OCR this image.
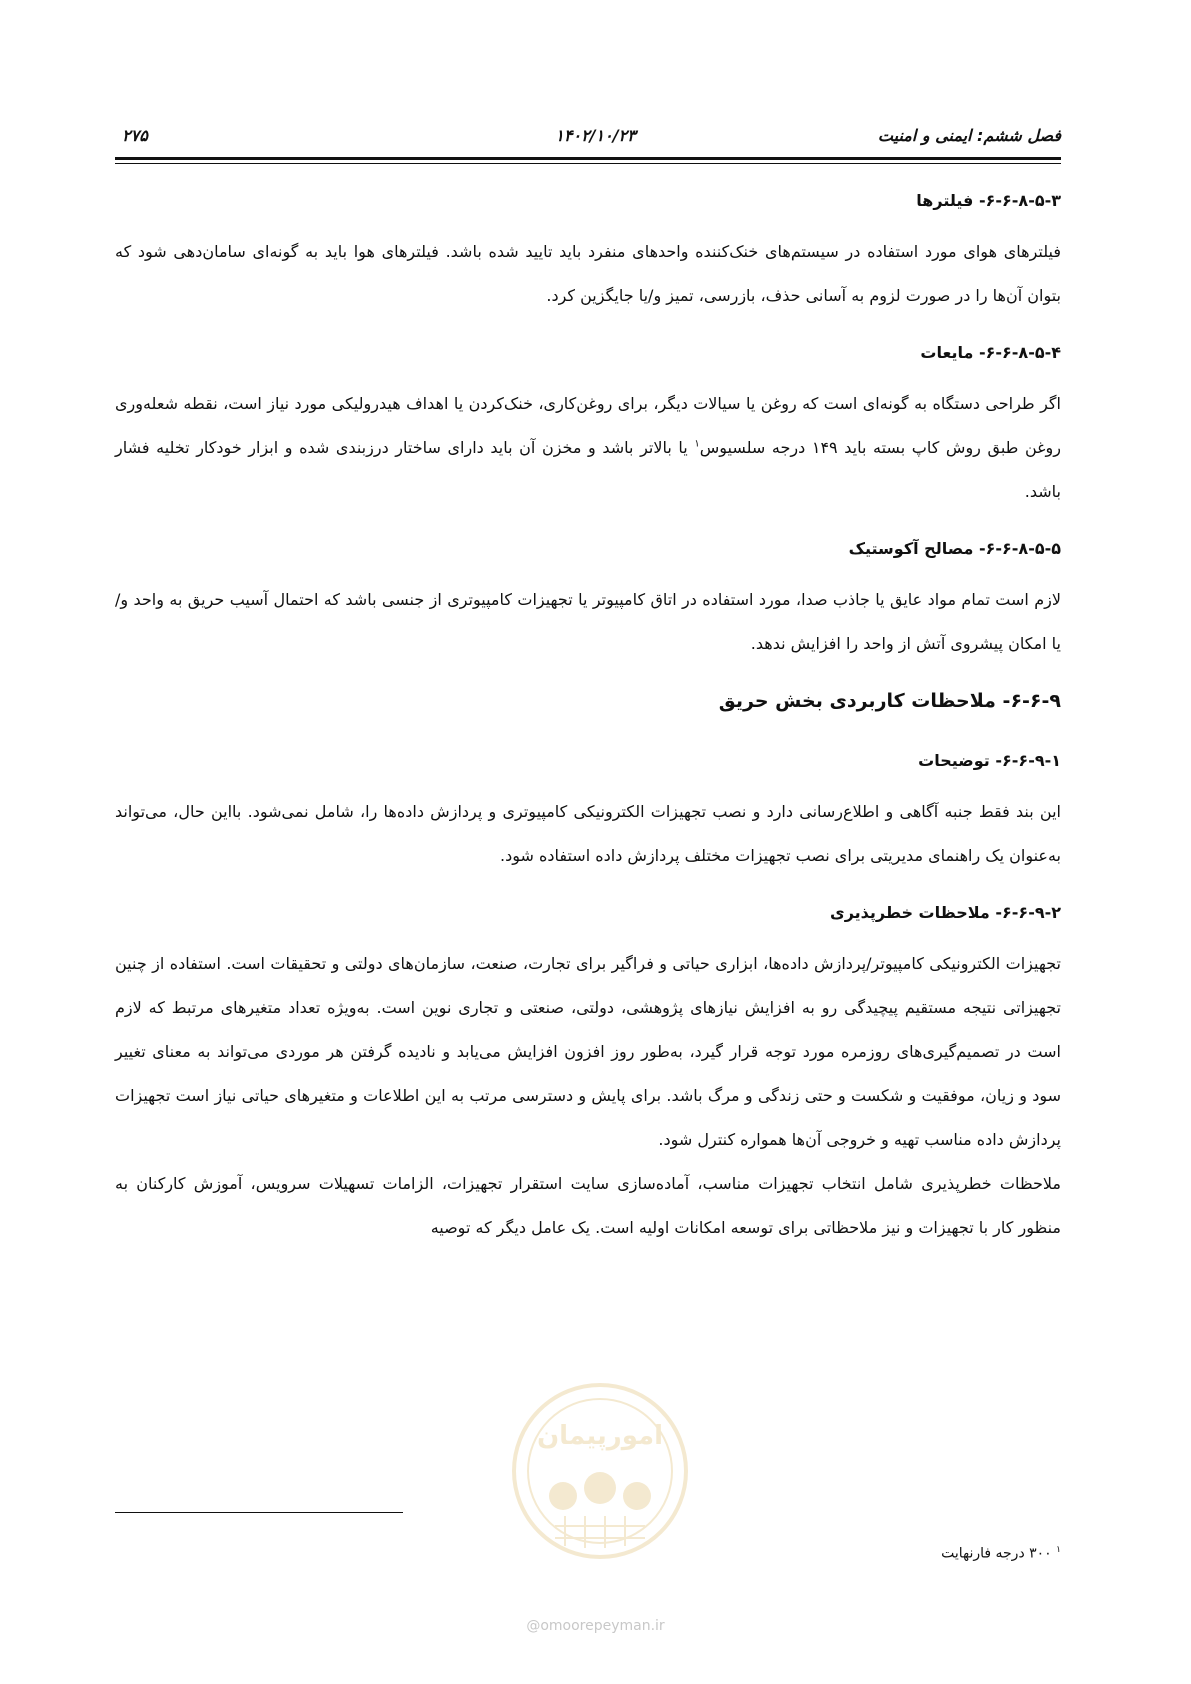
فصل ششم: ایمنی و امنیت
۱۴۰۲/۱۰/۲۳
۲۷۵
۶-۶-۸-۵-۳- فیلترها

فیلترهای هوای مورد استفاده در سیستم‌های خنک‌کننده واحدهای منفرد باید تایید شده باشد. فیلترهای هوا باید به گونه‌ای سامان‌دهی شود که بتوان آن‌ها را در صورت لزوم به آسانی حذف، بازرسی، تمیز و/یا جایگزین کرد.

۶-۶-۸-۵-۴- مایعات

اگر طراحی دستگاه به گونه‌ای است که روغن یا سیالات دیگر، برای روغن‌کاری، خنک‌کردن یا اهداف هیدرولیکی مورد نیاز است، نقطه شعله‌وری روغن طبق روش کاپ بسته باید ۱۴۹ درجه سلسیوس$^۱$ یا بالاتر باشد و مخزن آن باید دارای ساختار درزبندی شده و ابزار خودکار تخلیه فشار باشد.

۶-۶-۸-۵-۵- مصالح آکوستیک

لازم است تمام مواد عایق یا جاذب صدا، مورد استفاده در اتاق کامپیوتر یا تجهیزات کامپیوتری از جنسی باشد که احتمال آسیب حریق به واحد و/یا امکان پیشروی آتش از واحد را افزایش ندهد.

۶-۶-۹- ملاحظات کاربردی بخش حریق
۶-۶-۹-۱- توضیحات

این بند فقط جنبه آگاهی و اطلاع‌رسانی دارد و نصب تجهیزات الکترونیکی کامپیوتری و پردازش داده‌ها را، شامل نمی‌شود. بااین حال، می‌تواند به‌عنوان یک راهنمای مدیریتی برای نصب تجهیزات مختلف پردازش داده استفاده شود.

۶-۶-۹-۲- ملاحظات خطرپذیری

تجهیزات الکترونیکی کامپیوتر/پردازش داده‌ها، ابزاری حیاتی و فراگیر برای تجارت، صنعت، سازمان‌های دولتی و تحقیقات است. استفاده از چنین تجهیزاتی نتیجه مستقیم پیچیدگی رو به افزایش نیازهای پژوهشی، دولتی، صنعتی و تجاری نوین است. به‌ویژه تعداد متغیرهای مرتبط که لازم است در تصمیم‌گیری‌های روزمره مورد توجه قرار گیرد، به‌طور روز افزون افزایش می‌یابد و نادیده گرفتن هر موردی می‌تواند به معنای تغییر سود و زیان، موفقیت و شکست و حتی زندگی و مرگ باشد. برای پایش و دسترسی مرتب به این اطلاعات و متغیرهای حیاتی نیاز است تجهیزات پردازش داده مناسب تهیه و خروجی آن‌ها همواره کنترل شود.

ملاحظات خطرپذیری شامل انتخاب تجهیزات مناسب، آماده‌سازی سایت استقرار تجهیزات، الزامات تسهیلات سرویس، آموزش کارکنان به منظور کار با تجهیزات و نیز ملاحظاتی برای توسعه امکانات اولیه است. یک عامل دیگر که توصیه

امورپیمان
@omoorepeyman.ir
$^۱$ ۳۰۰ درجه فارنهایت
